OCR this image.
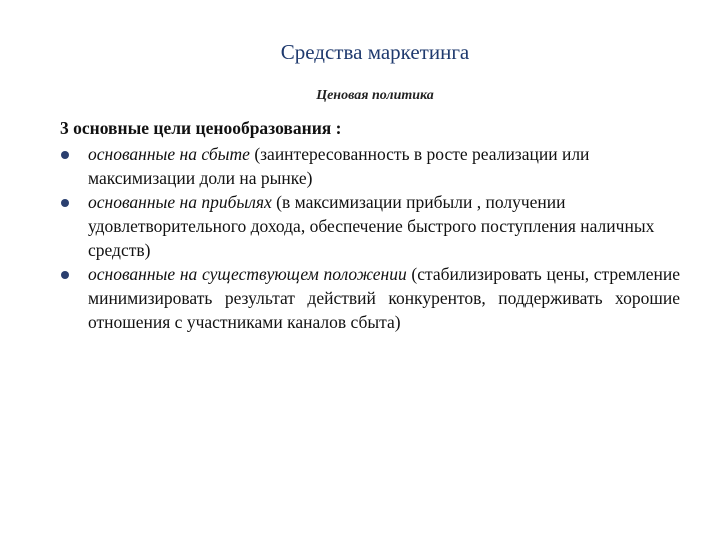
Средства маркетинга
Ценовая политика
3 основные цели ценообразования :
основанные на сбыте (заинтересованность в росте реализации или максимизации доли на рынке)
основанные на прибылях (в максимизации прибыли , получении удовлетворительного дохода, обеспечение быстрого поступления наличных средств)
основанные на существующем положении (стабилизировать цены, стремление минимизировать результат действий конкурентов, поддерживать хорошие отношения с участниками каналов сбыта)
